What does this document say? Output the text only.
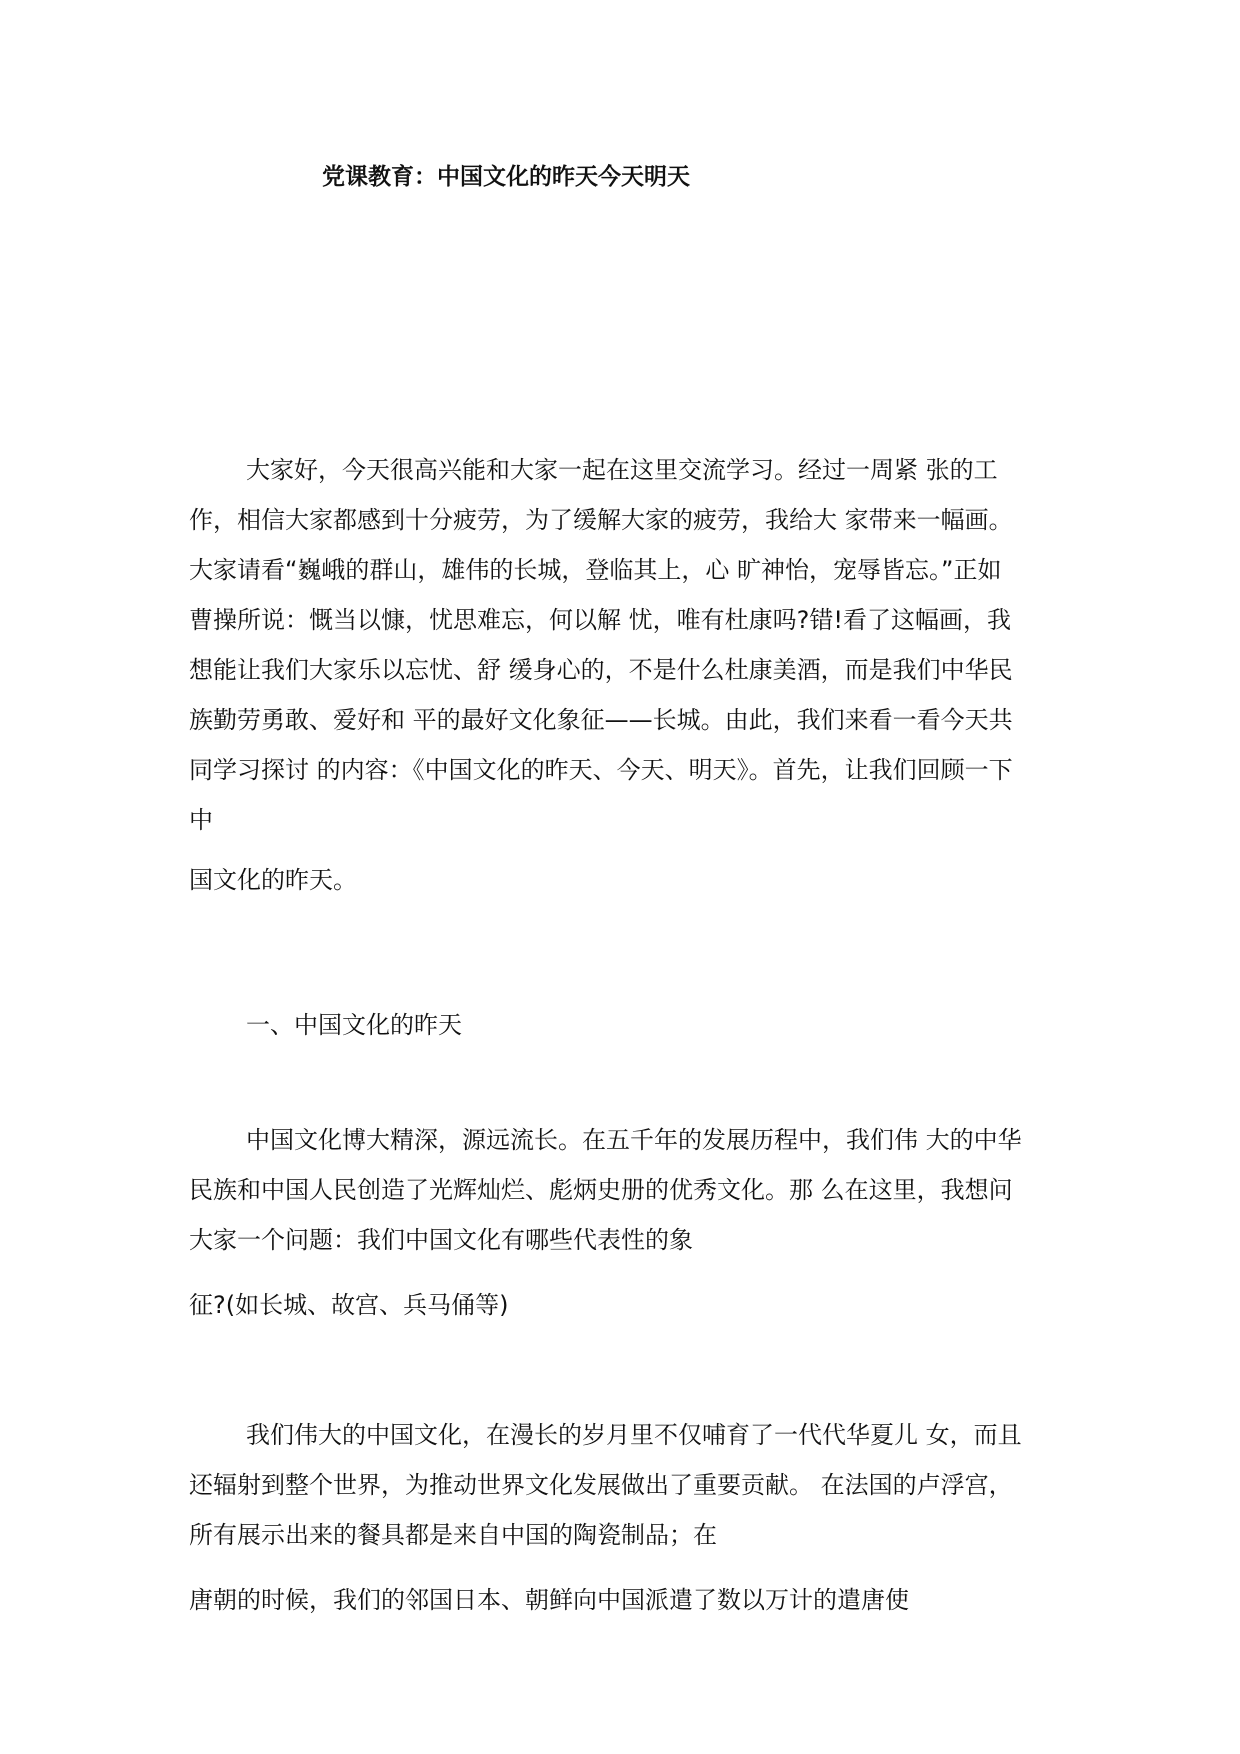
党课教育：中国文化的昨天今天明天
大家好，今天很高兴能和大家一起在这里交流学习。经过一周紧 张的工
作，相信大家都感到十分疲劳，为了缓解大家的疲劳，我给大 家带来一幅画。
大家请看“巍峨的群山，雄伟的长城，登临其上，心 旷神怡，宠辱皆忘。”正如
曹操所说：慨当以慷，忧思难忘，何以解 忧，唯有杜康吗?错!看了这幅画，我
想能让我们大家乐以忘忧、舒 缓身心的，不是什么杜康美酒，而是我们中华民
族勤劳勇敢、爱好和 平的最好文化象征——长城。由此，我们来看一看今天共
同学习探讨 的内容：《中国文化的昨天、今天、明天》。首先，让我们回顾一下
中
国文化的昨天。
一、中国文化的昨天
中国文化博大精深，源远流长。在五千年的发展历程中，我们伟 大的中华
民族和中国人民创造了光辉灿烂、彪炳史册的优秀文化。那 么在这里，我想问
大家一个问题：我们中国文化有哪些代表性的象
征?(如长城、故宫、兵马俑等)
我们伟大的中国文化，在漫长的岁月里不仅哺育了一代代华夏儿 女，而且
还辐射到整个世界，为推动世界文化发展做出了重要贡献。 在法国的卢浮宫，
所有展示出来的餐具都是来自中国的陶瓷制品；在
唐朝的时候，我们的邻国日本、朝鲜向中国派遣了数以万计的遣唐使
